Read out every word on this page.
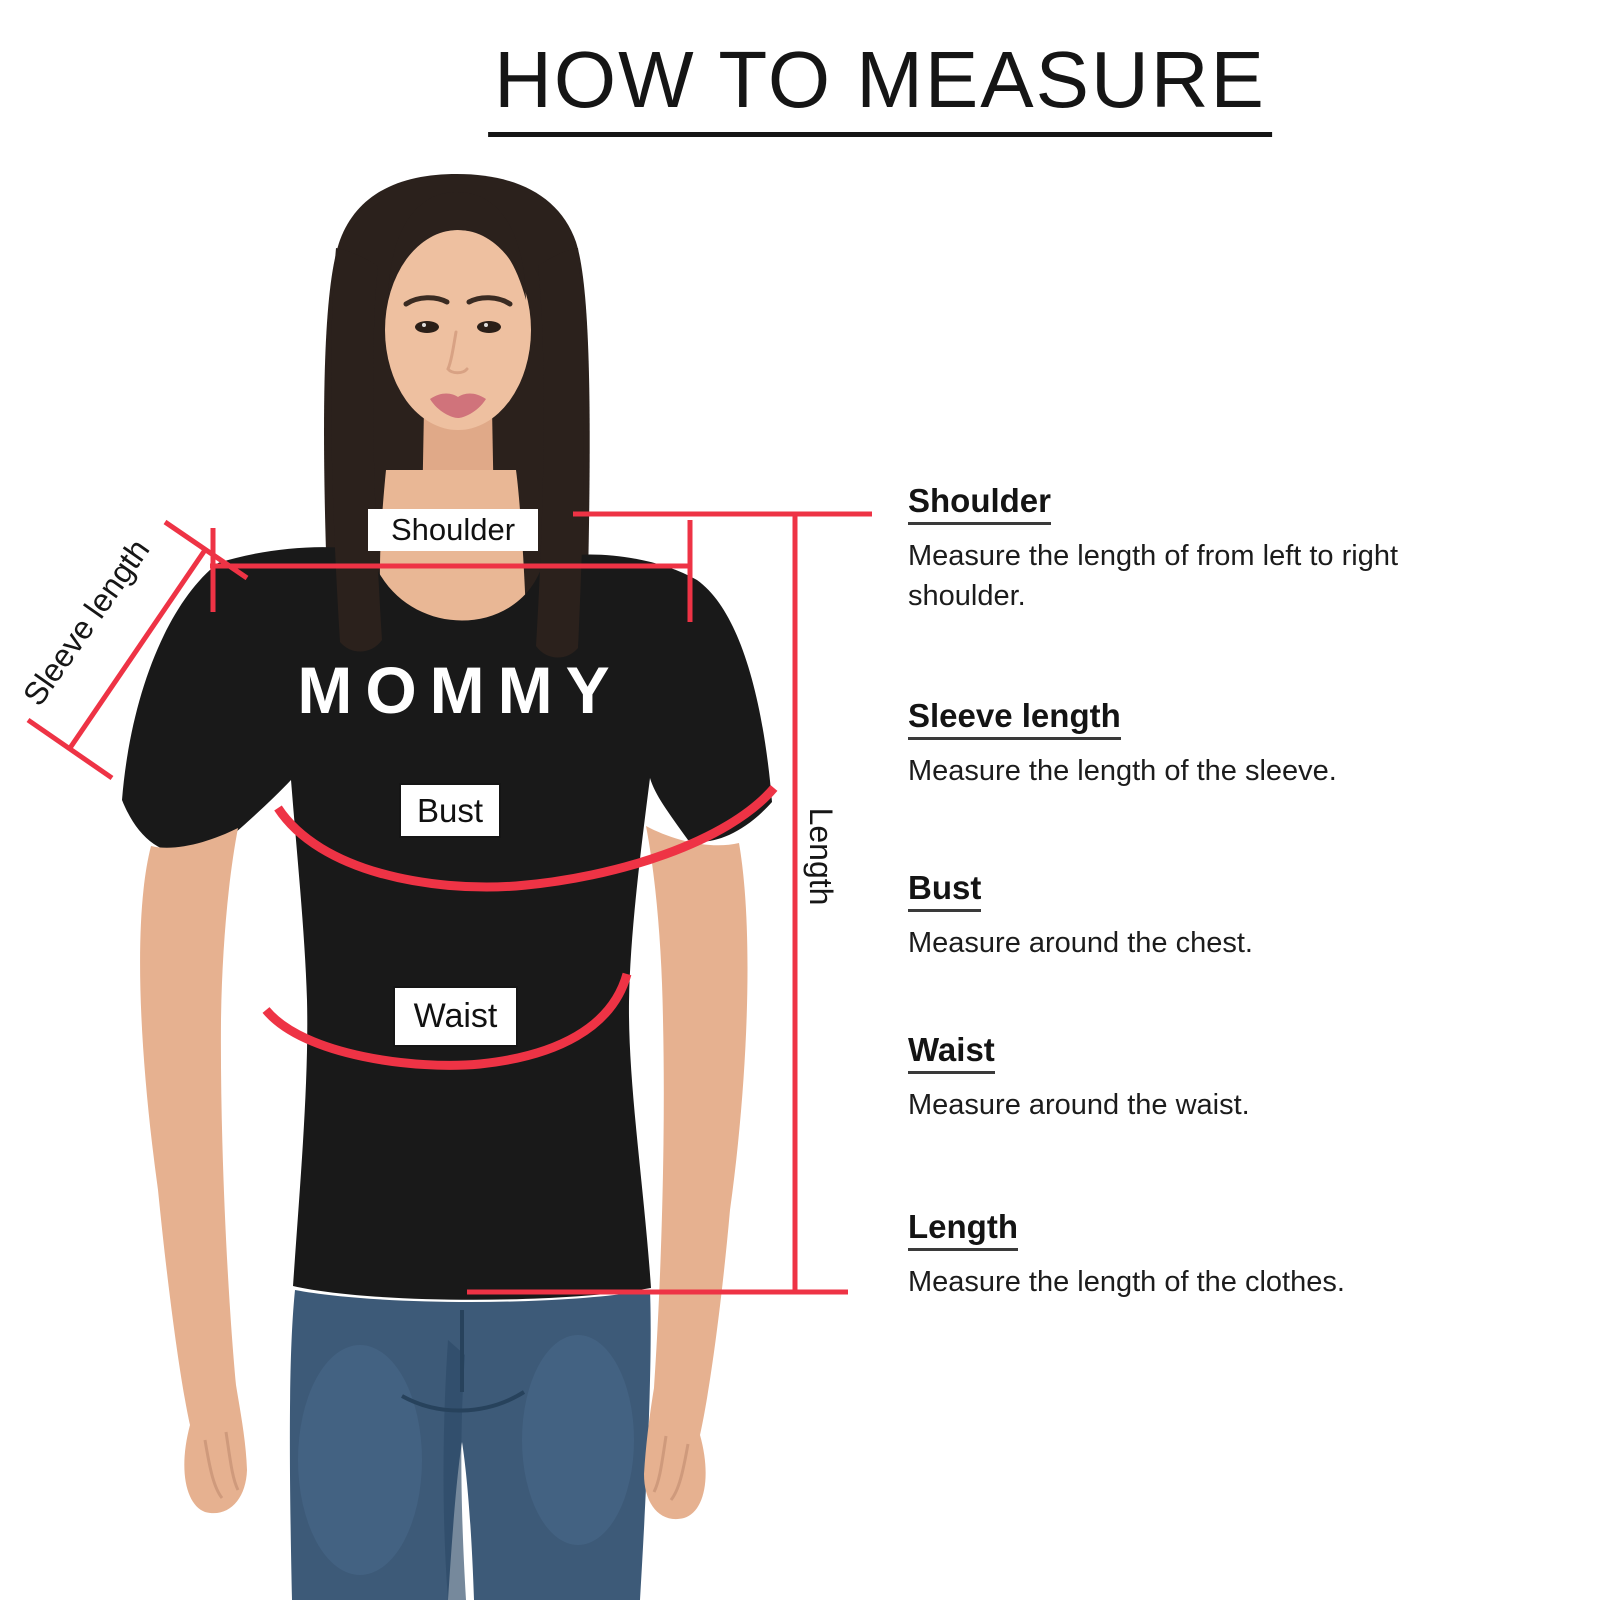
HOW TO MEASURE
MOMMY
Shoulder
Bust
Waist
Sleeve length
Length
Shoulder

Measure the length of from left to right shoulder.

Sleeve length

Measure the length of the sleeve.

Bust

Measure around the chest.

Waist

Measure around the waist.

Length

Measure the length of the clothes.
